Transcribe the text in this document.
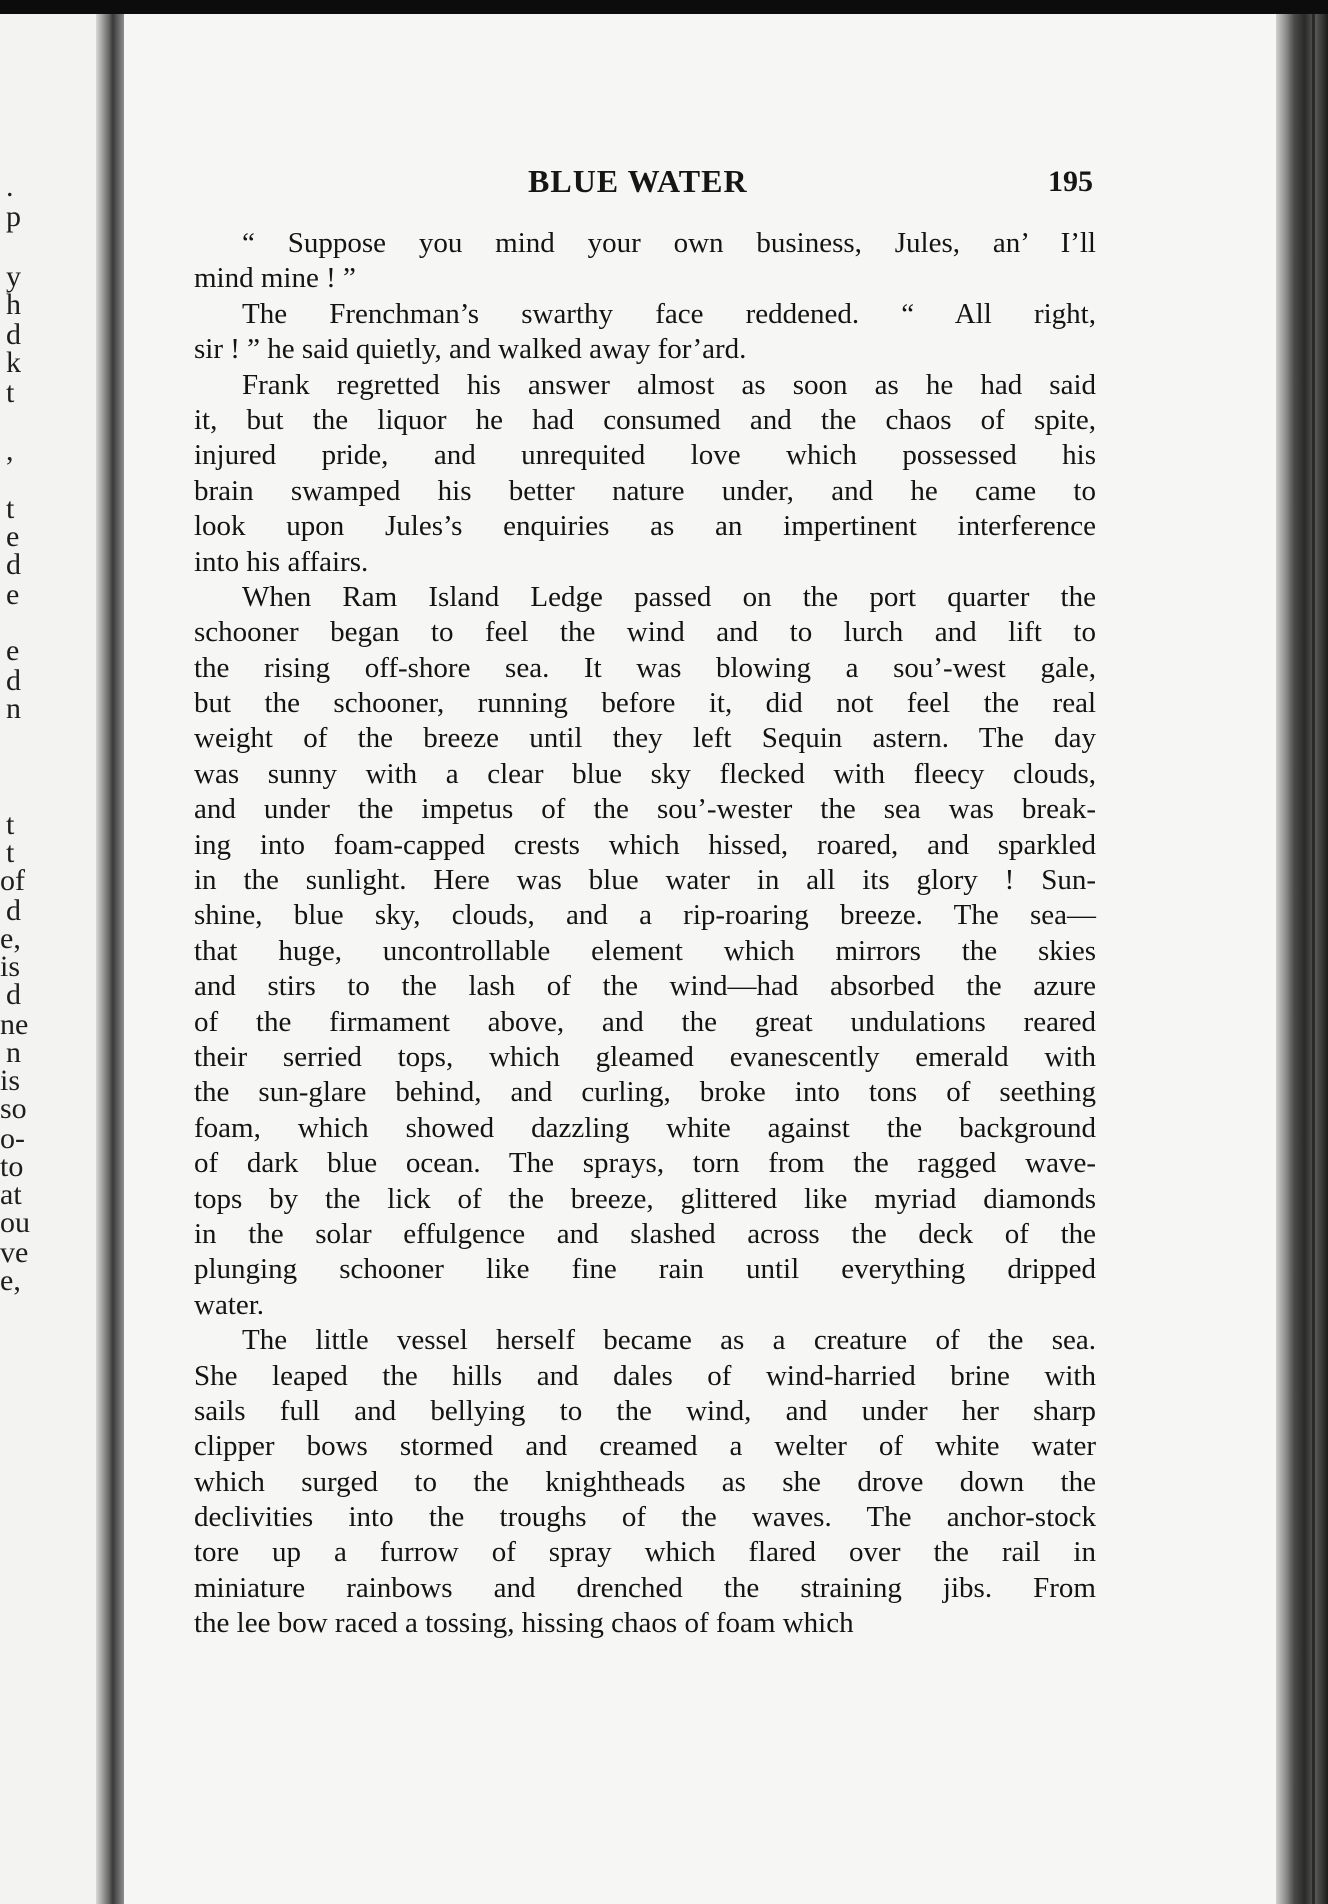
.
p
y
h
d
k
t
,
t
e
d
e
e
d
n
t
t
of
d
e,
is
d
ne
n
is
so
o-
to
at
ou
ve
e,
BLUE WATER	195
“ Suppose you mind your own business, Jules, an’ I’ll
mind mine ! ”
The Frenchman’s swarthy face reddened. “ All right,
sir ! ” he said quietly, and walked away for’ard.
Frank regretted his answer almost as soon as he had said
it, but the liquor he had consumed and the chaos of spite,
injured pride, and unrequited love which possessed his
brain swamped his better nature under, and he came to
look upon Jules’s enquiries as an impertinent interference
into his affairs.
When Ram Island Ledge passed on the port quarter the
schooner began to feel the wind and to lurch and lift to
the rising off-shore sea. It was blowing a sou’-west gale,
but the schooner, running before it, did not feel the real
weight of the breeze until they left Sequin astern. The day
was sunny with a clear blue sky flecked with fleecy clouds,
and under the impetus of the sou’-wester the sea was break-
ing into foam-capped crests which hissed, roared, and sparkled
in the sunlight. Here was blue water in all its glory ! Sun-
shine, blue sky, clouds, and a rip-roaring breeze. The sea—
that huge, uncontrollable element which mirrors the skies
and stirs to the lash of the wind—had absorbed the azure
of the firmament above, and the great undulations reared
their serried tops, which gleamed evanescently emerald with
the sun-glare behind, and curling, broke into tons of seething
foam, which showed dazzling white against the background
of dark blue ocean. The sprays, torn from the ragged wave-
tops by the lick of the breeze, glittered like myriad diamonds
in the solar effulgence and slashed across the deck of the
plunging schooner like fine rain until everything dripped
water.
The little vessel herself became as a creature of the sea.
She leaped the hills and dales of wind-harried brine with
sails full and bellying to the wind, and under her sharp
clipper bows stormed and creamed a welter of white water
which surged to the knightheads as she drove down the
declivities into the troughs of the waves. The anchor-stock
tore up a furrow of spray which flared over the rail in
miniature rainbows and drenched the straining jibs. From
the lee bow raced a tossing, hissing chaos of foam which
